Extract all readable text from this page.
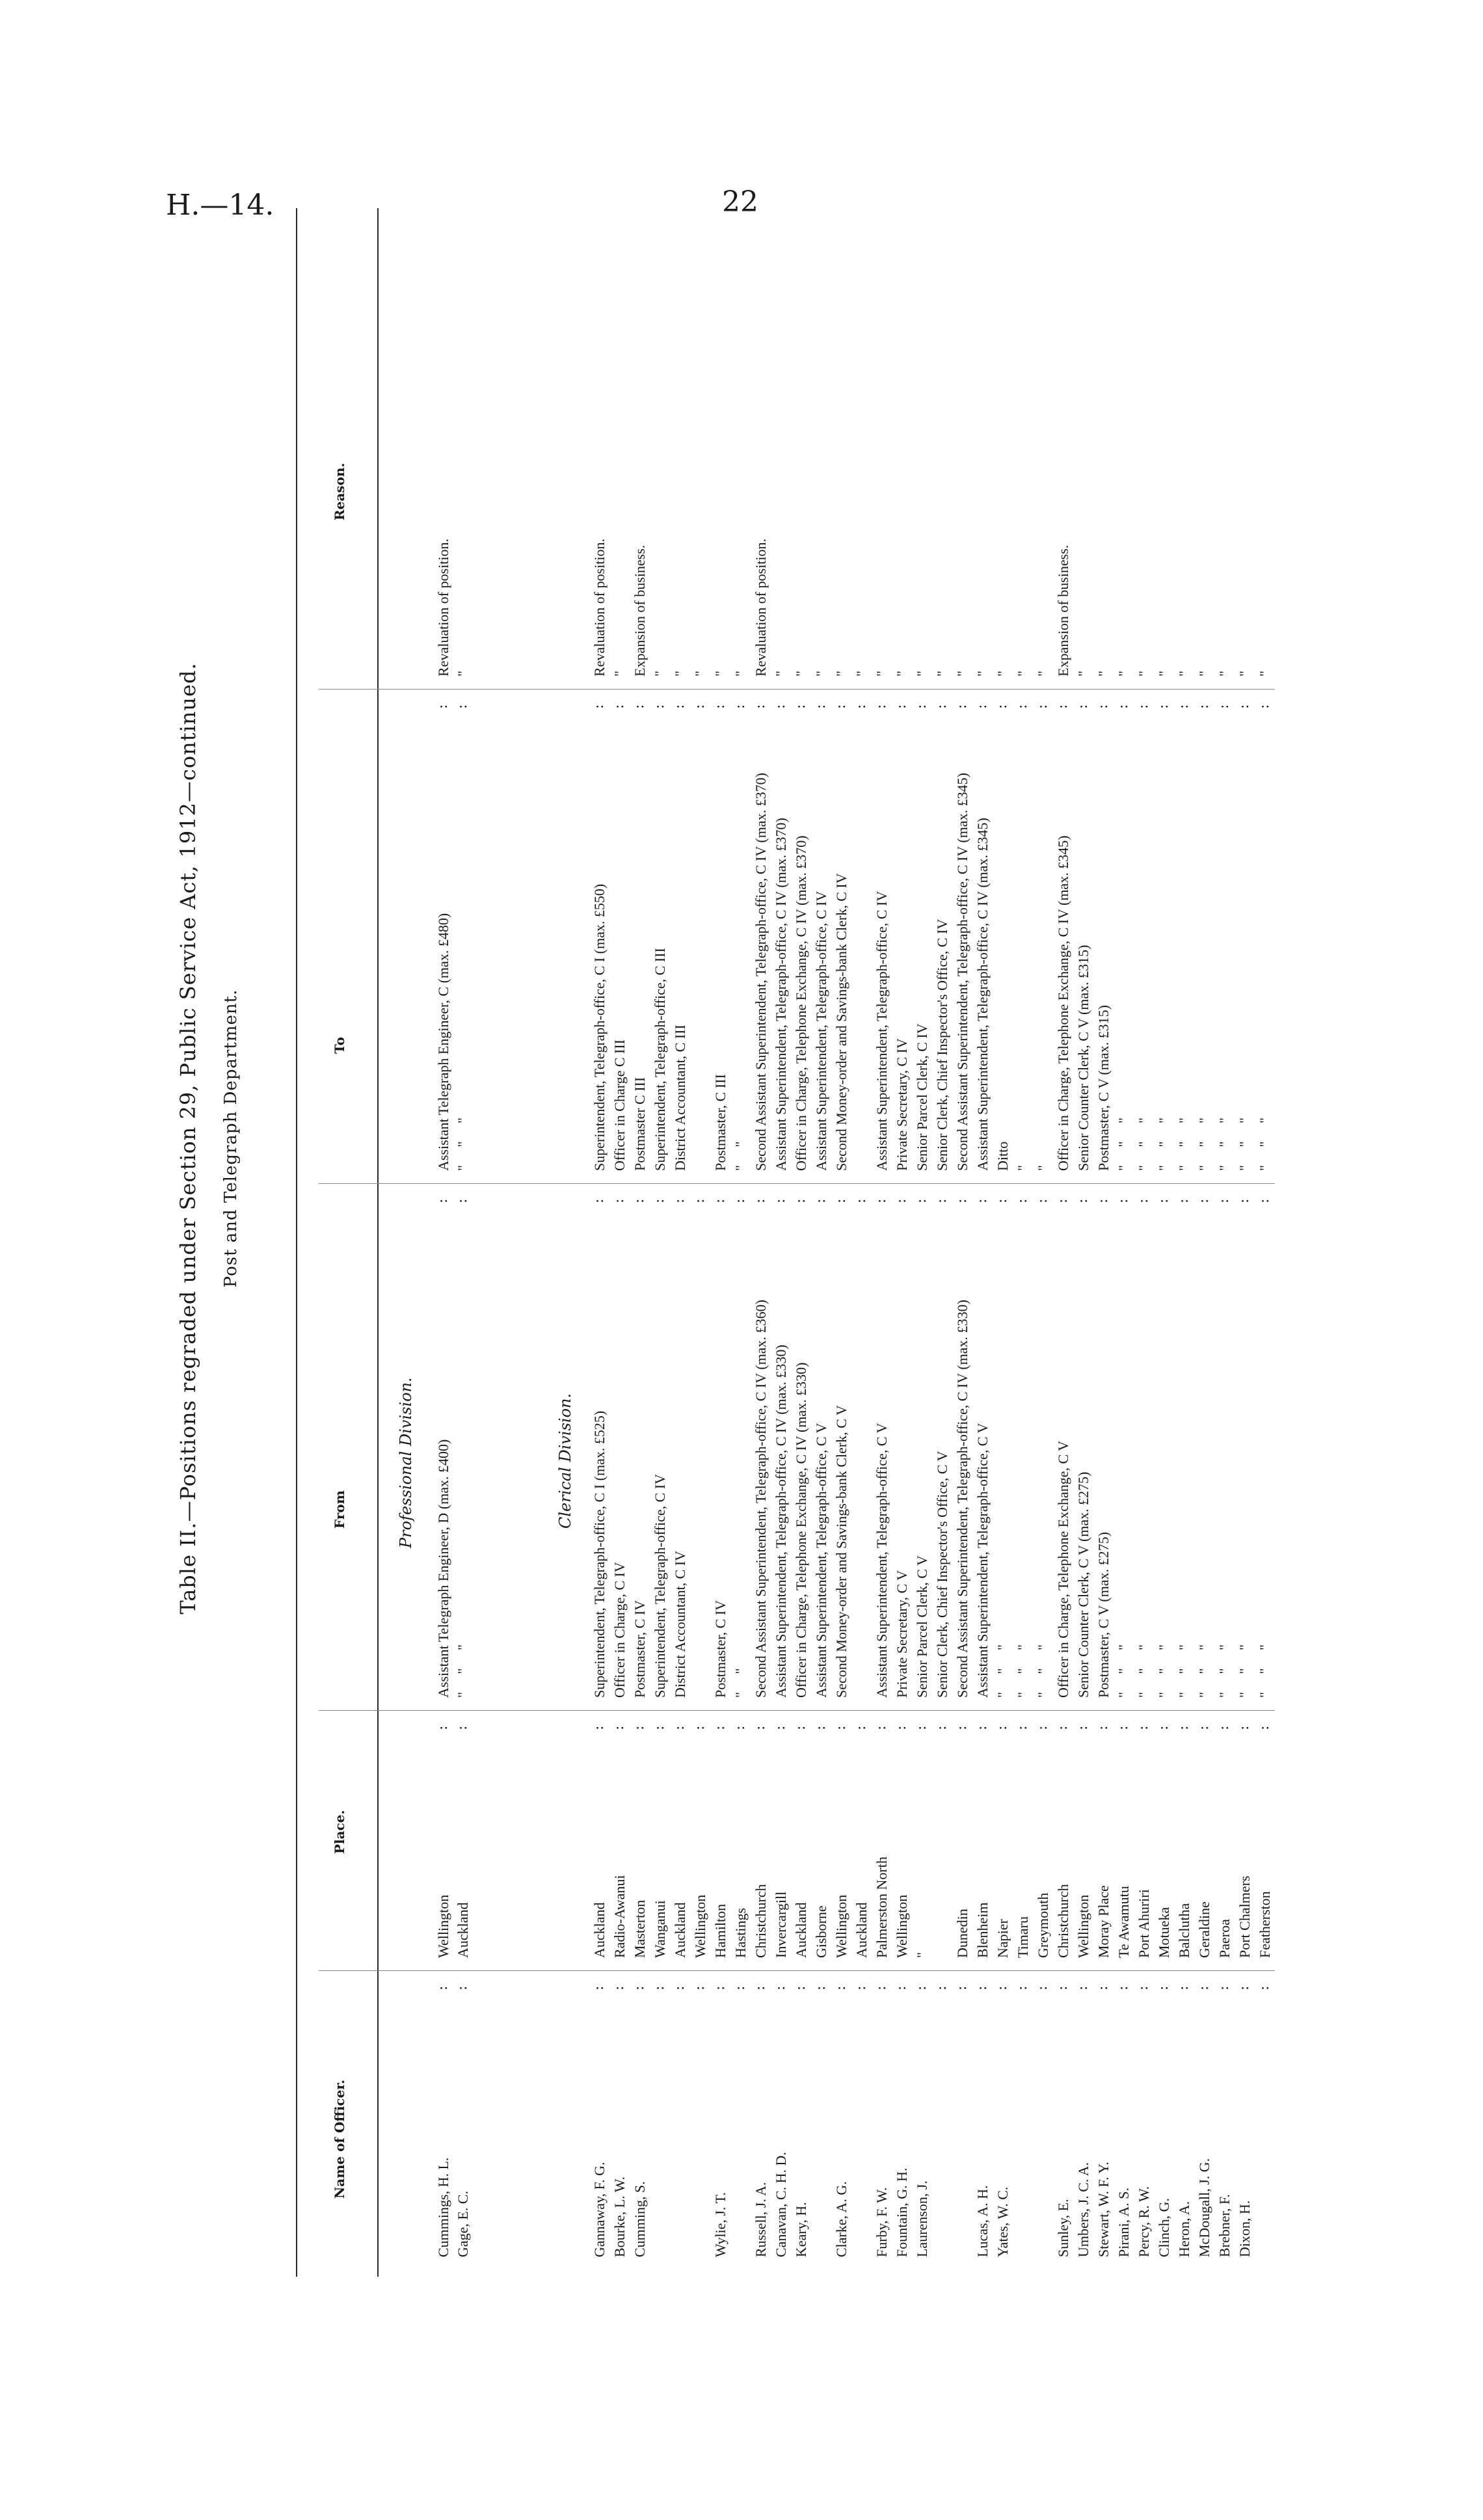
H.—14.	22
Table II.—Positions regraded under Section 29, Public Service Act, 1912—continued. Post and Telegraph Department.
Name of Officer.
Place.
From
To
Reason.
Professional Division.
Cummings, H. L.
Wellington
Assistant Telegraph Engineer, D (max. £400)
Assistant Telegraph Engineer, C (max. £480)
Revaluation of position.
:
:
:
:
Gage, E. C.
Auckland
"     "     "
"     "     "
"
:
:
:
:
Clerical Division.
Gannaway, F. G.
Auckland
Superintendent, Telegraph-office, C I (max. £525)
Superintendent, Telegraph-office, C I (max. £550)
Revaluation of position.
:
:
:
:
Bourke, L. W.
Radio-Awanui
Officer in Charge, C IV
Officer in Charge C III
"
:
:
:
:
Cumming, S.
Masterton
Postmaster, C IV
Postmaster C III
Expansion of business.
:
:
:
:
Wanganui
Superintendent, Telegraph-office, C IV
Superintendent, Telegraph-office, C III
"
:
:
:
:
Auckland
District Accountant, C IV
District Accountant, C III
"
:
:
:
:
Wellington
"
:
:
:
:
Wylie, J. T.
Hamilton
Postmaster, C IV
Postmaster, C III
"
:
:
:
:
Hastings
"     "
"     "
"
:
:
:
:
Russell, J. A.
Christchurch
Second Assistant Superintendent, Telegraph-office, C IV (max. £360)
Second Assistant Superintendent, Telegraph-office, C IV (max. £370)
Revaluation of position.
:
:
:
:
Canavan, C. H. D.
Invercargill
Assistant Superintendent, Telegraph-office, C IV (max. £330)
Assistant Superintendent, Telegraph-office, C IV (max. £370)
"
:
:
:
:
Keary, H.
Auckland
Officer in Charge, Telephone Exchange, C IV (max. £330)
Officer in Charge, Telephone Exchange, C IV (max. £370)
"
:
:
:
:
Gisborne
Assistant Superintendent, Telegraph-office, C V
Assistant Superintendent, Telegraph-office, C IV
"
:
:
:
:
Clarke, A. G.
Wellington
Second Money-order and Savings-bank Clerk, C V
Second Money-order and Savings-bank Clerk, C IV
"
:
:
:
:
Auckland
"
:
:
:
:
Furby, F. W.
Palmerston North
Assistant Superintendent, Telegraph-office, C V
Assistant Superintendent, Telegraph-office, C IV
"
:
:
:
:
Fountain, G. H.
Wellington
Private Secretary, C V
Private Secretary, C IV
"
:
:
:
:
Laurenson, J.
"
Senior Parcel Clerk, C V
Senior Parcel Clerk, C IV
"
:
:
:
:
Senior Clerk, Chief Inspector's Office, C V
Senior Clerk, Chief Inspector's Office, C IV
"
:
:
:
:
Dunedin
Second Assistant Superintendent, Telegraph-office, C IV (max. £330)
Second Assistant Superintendent, Telegraph-office, C IV (max. £345)
"
:
:
:
:
Lucas, A. H.
Blenheim
Assistant Superintendent, Telegraph-office, C V
Assistant Superintendent, Telegraph-office, C IV (max. £345)
"
:
:
:
:
Yates, W. C.
Napier
"     "     "
Ditto
"
:
:
:
:
Timaru
"     "     "
"
"
:
:
:
:
Greymouth
"     "     "
"
"
:
:
:
:
Sunley, E.
Christchurch
Officer in Charge, Telephone Exchange, C V
Officer in Charge, Telephone Exchange, C IV (max. £345)
Expansion of business.
:
:
:
:
Umbers, J. C. A.
Wellington
Senior Counter Clerk, C V (max. £275)
Senior Counter Clerk, C V (max. £315)
"
:
:
:
:
Stewart, W. F. Y.
Moray Place
Postmaster, C V (max. £275)
Postmaster, C V (max. £315)
"
:
:
:
:
Pirani, A. S.
Te Awamutu
"     "     "
"     "     "
"
:
:
:
:
Percy, R. W.
Port Ahuriri
"     "     "
"     "     "
"
:
:
:
:
Clinch, G.
Motueka
"     "     "
"     "     "
"
:
:
:
:
Heron, A.
Balclutha
"     "     "
"     "     "
"
:
:
:
:
McDougall, J. G.
Geraldine
"     "     "
"     "     "
"
:
:
:
:
Brebner, F.
Paeroa
"     "     "
"     "     "
"
:
:
:
:
Dixon, H.
Port Chalmers
"     "     "
"     "     "
"
:
:
:
:
Featherston
"     "     "
"     "     "
"
:
:
:
:
